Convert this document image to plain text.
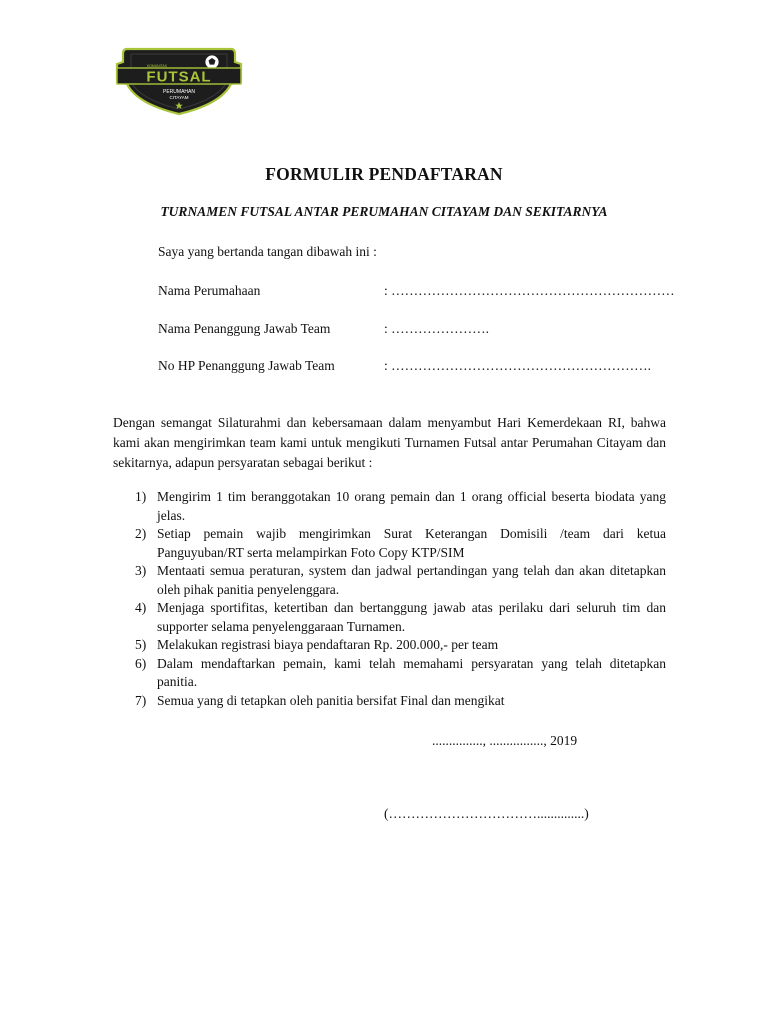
KOMUNITAS
FUTSAL
PERUMAHAN
CITAYAM
FORMULIR PENDAFTARAN
TURNAMEN FUTSAL ANTAR PERUMAHAN CITAYAM DAN SEKITARNYA
Saya yang bertanda tangan dibawah ini :
Nama Perumahaan	: ………………………………………………………
Nama Penanggung Jawab Team	: ………………….
No HP Penanggung Jawab Team	: ………………………………………………….

Dengan semangat Silaturahmi dan kebersamaan dalam menyambut Hari Kemerdekaan RI, bahwa kami akan mengirimkan team kami untuk mengikuti Turnamen Futsal antar Perumahan Citayam dan sekitarnya, adapun persyaratan sebagai berikut :

1) Mengirim 1 tim beranggotakan 10 orang pemain dan 1 orang official beserta biodata yang jelas.
2) Setiap pemain wajib mengirimkan Surat Keterangan Domisili /team dari ketua Panguyuban/RT serta melampirkan Foto Copy KTP/SIM
3) Mentaati semua peraturan, system dan jadwal pertandingan yang telah dan akan ditetapkan oleh pihak panitia penyelenggara.
4) Menjaga sportifitas, ketertiban dan bertanggung jawab atas perilaku dari seluruh tim dan supporter selama penyelenggaraan Turnamen.
5) Melakukan registrasi biaya pendaftaran Rp. 200.000,- per team
6) Dalam mendaftarkan pemain, kami telah memahami persyaratan yang telah ditetapkan panitia.
7) Semua yang di tetapkan oleh panitia bersifat Final dan mengikat
..............., ................, 2019
(……………………………..............)
